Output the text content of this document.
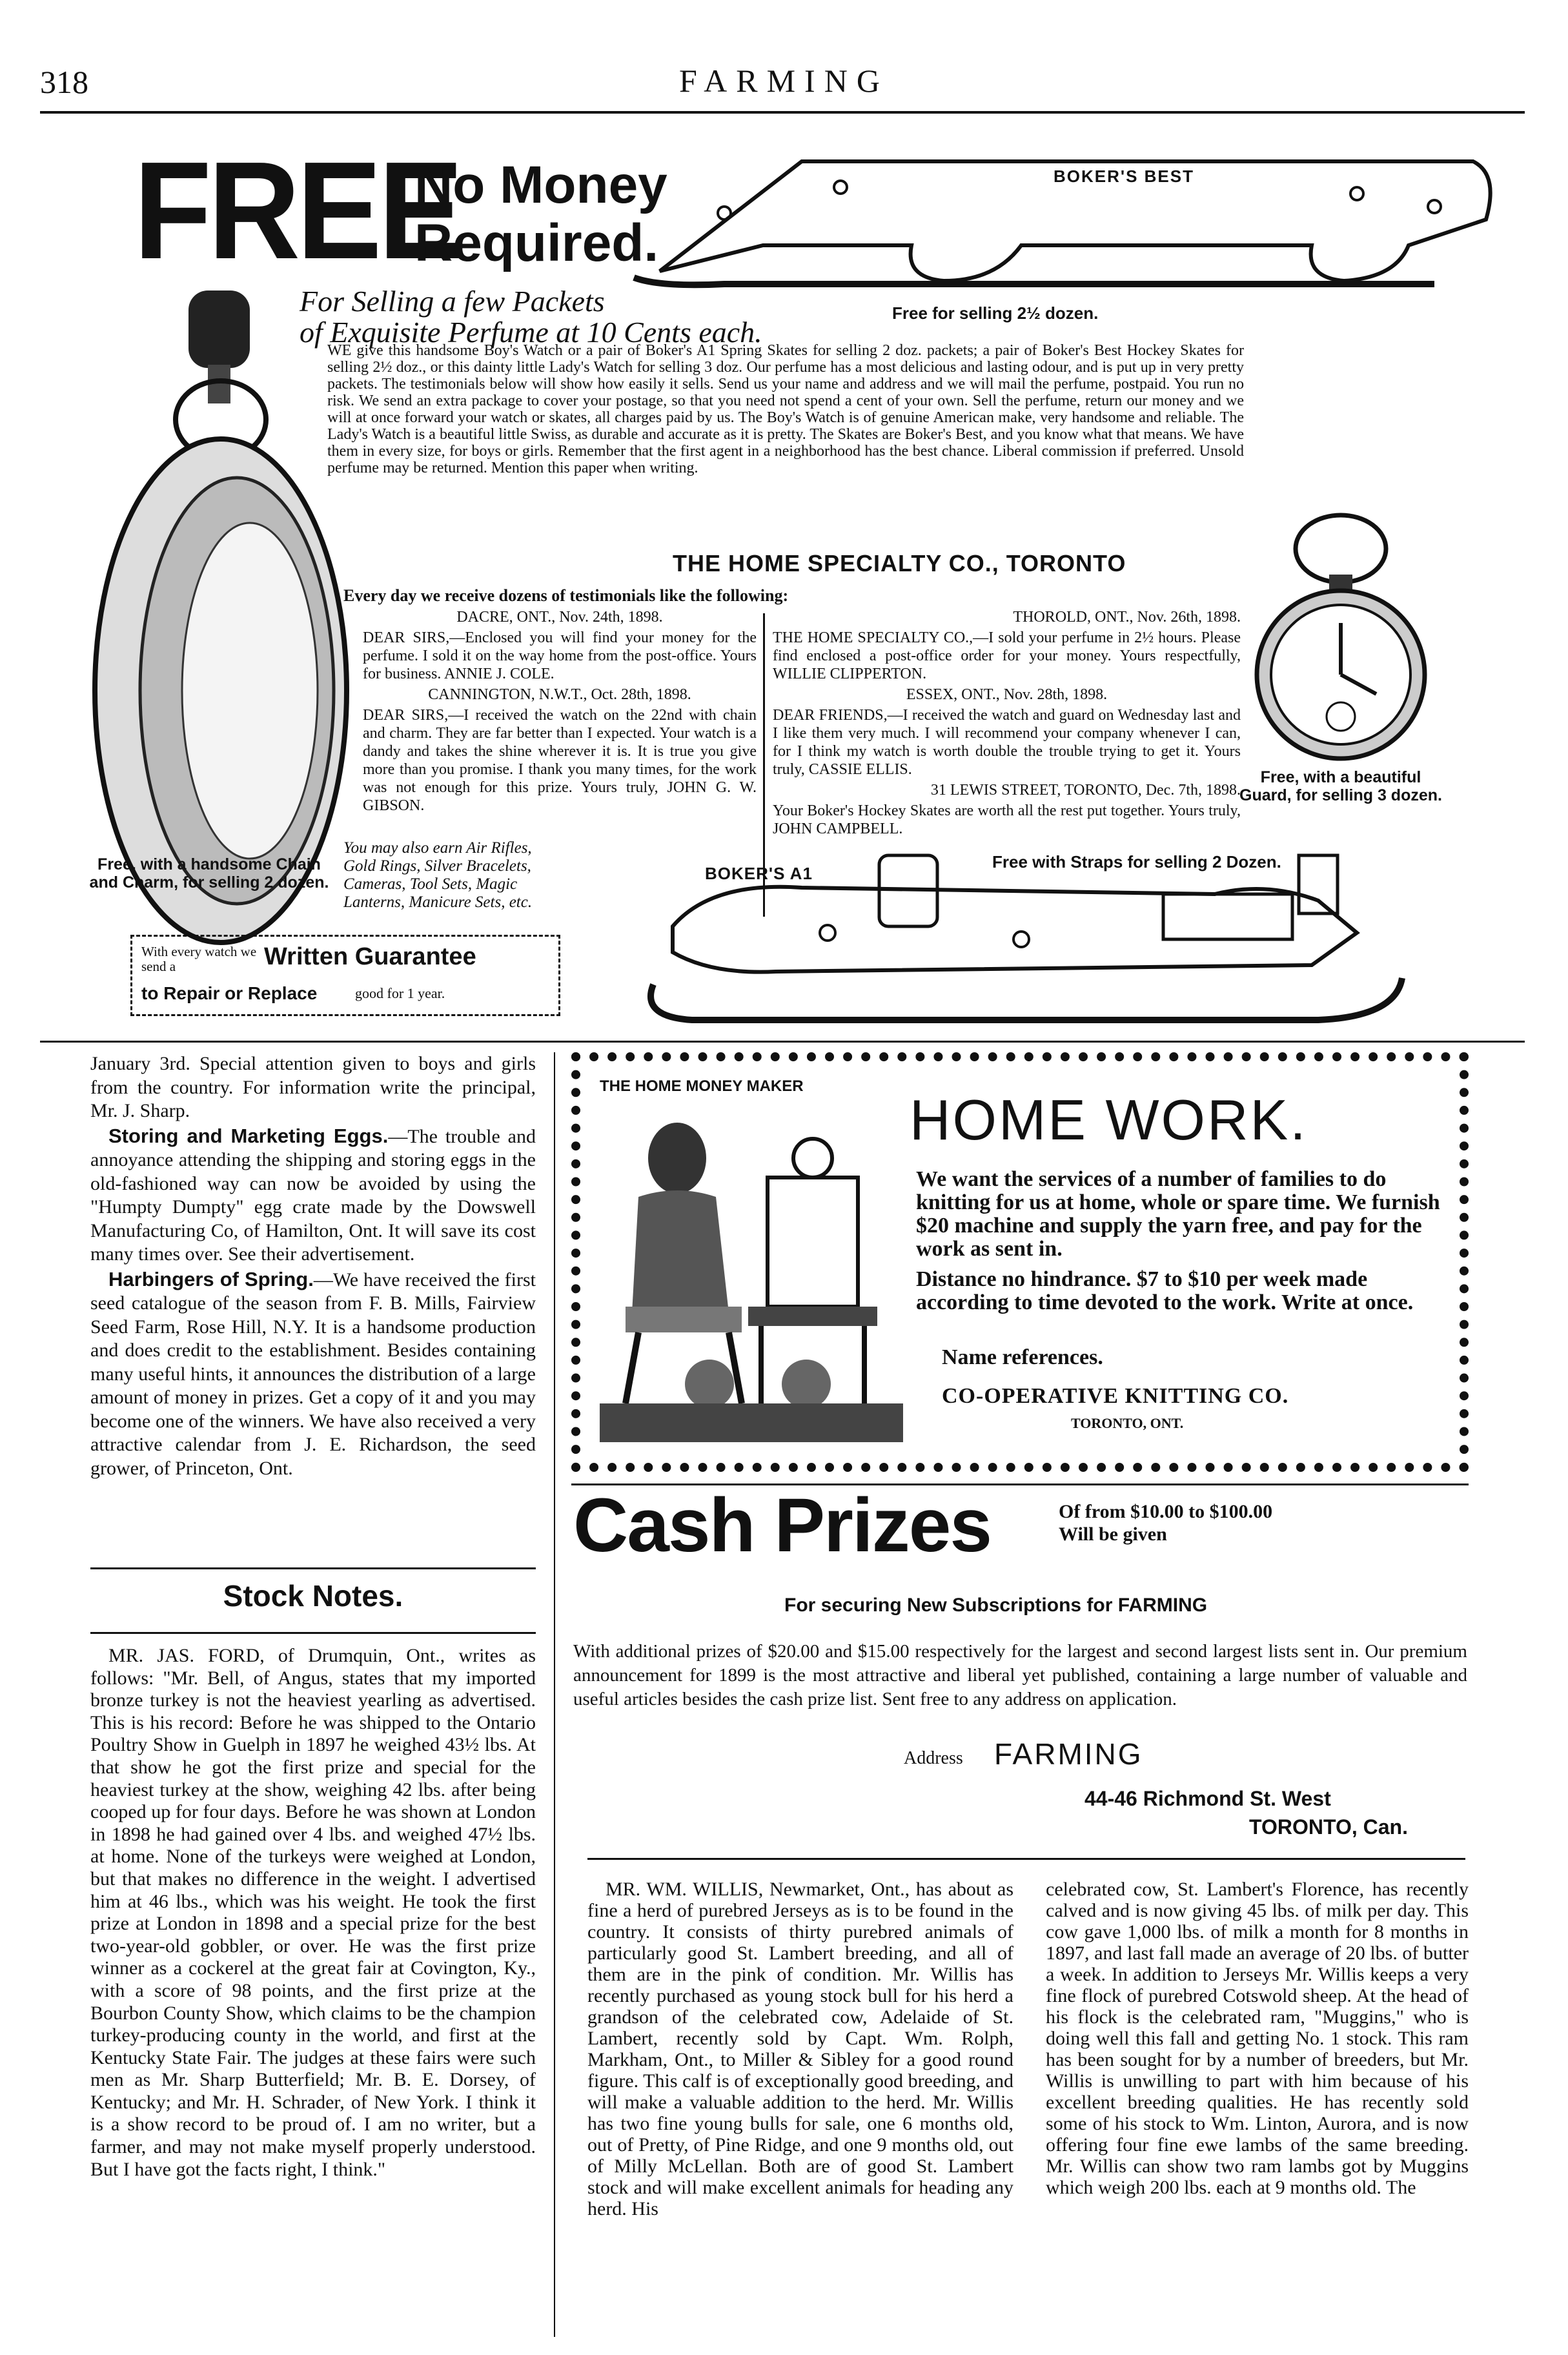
318	FARMING
FREE
No Money
Required.
For Selling a few Packets
of Exquisite Perfume at 10 Cents each.
BOKER'S BEST
Free for selling 2½ dozen.
Free, with a handsome Chain and Charm, for selling 2 dozen.
Free, with a beautiful Guard, for selling 3 dozen.
WE give this handsome Boy's Watch or a pair of Boker's A1 Spring Skates for selling 2 doz. packets; a pair of Boker's Best Hockey Skates for selling 2½ doz., or this dainty little Lady's Watch for selling 3 doz. Our perfume has a most delicious and lasting odour, and is put up in very pretty packets. The testimonials below will show how easily it sells. Send us your name and address and we will mail the perfume, postpaid. You run no risk. We send an extra package to cover your postage, so that you need not spend a cent of your own. Sell the perfume, return our money and we will at once forward your watch or skates, all charges paid by us. The Boy's Watch is of genuine American make, very handsome and reliable. The Lady's Watch is a beautiful little Swiss, as durable and accurate as it is pretty. The Skates are Boker's Best, and you know what that means. We have them in every size, for boys or girls. Remember that the first agent in a neighborhood has the best chance. Liberal commission if preferred. Unsold perfume may be returned. Mention this paper when writing.
THE HOME SPECIALTY CO., TORONTO
Every day we receive dozens of testimonials like the following:

DACRE, ONT., Nov. 24th, 1898.

DEAR SIRS,—Enclosed you will find your money for the perfume. I sold it on the way home from the post-office. Yours for business. ANNIE J. COLE.

CANNINGTON, N.W.T., Oct. 28th, 1898.

DEAR SIRS,—I received the watch on the 22nd with chain and charm. They are far better than I expected. Your watch is a dandy and takes the shine wherever it is. It is true you give more than you promise. I thank you many times, for the work was not enough for this prize. Yours truly, JOHN G. W. GIBSON.

THOROLD, ONT., Nov. 26th, 1898.

THE HOME SPECIALTY CO.,—I sold your perfume in 2½ hours. Please find enclosed a post-office order for your money. Yours respectfully, WILLIE CLIPPERTON.

ESSEX, ONT., Nov. 28th, 1898.

DEAR FRIENDS,—I received the watch and guard on Wednesday last and I like them very much. I will recommend your company whenever I can, for I think my watch is worth double the trouble trying to get it. Yours truly, CASSIE ELLIS.

31 LEWIS STREET, TORONTO, Dec. 7th, 1898.

Your Boker's Hockey Skates are worth all the rest put together. Yours truly, JOHN CAMPBELL.

You may also earn Air Rifles, Gold Rings, Silver Bracelets, Cameras, Tool Sets, Magic Lanterns, Manicure Sets, etc.
BOKER'S A1
Free with Straps for selling 2 Dozen.
With every watch we send a	Written Guarantee
to Repair or Replace	good for 1 year.

January 3rd. Special attention given to boys and girls from the country. For information write the principal, Mr. J. Sharp.

Storing and Marketing Eggs.—The trouble and annoyance attending the shipping and storing eggs in the old-fashioned way can now be avoided by using the "Humpty Dumpty" egg crate made by the Dowswell Manufacturing Co, of Hamilton, Ont. It will save its cost many times over. See their advertisement.

Harbingers of Spring.—We have received the first seed catalogue of the season from F. B. Mills, Fairview Seed Farm, Rose Hill, N.Y. It is a handsome production and does credit to the establishment. Besides containing many useful hints, it announces the distribution of a large amount of money in prizes. Get a copy of it and you may become one of the winners. We have also received a very attractive calendar from J. E. Richardson, the seed grower, of Princeton, Ont.

Stock Notes.

MR. JAS. FORD, of Drumquin, Ont., writes as follows: "Mr. Bell, of Angus, states that my imported bronze turkey is not the heaviest yearling as advertised. This is his record: Before he was shipped to the Ontario Poultry Show in Guelph in 1897 he weighed 43½ lbs. At that show he got the first prize and special for the heaviest turkey at the show, weighing 42 lbs. after being cooped up for four days. Before he was shown at London in 1898 he had gained over 4 lbs. and weighed 47½ lbs. at home. None of the turkeys were weighed at London, but that makes no difference in the weight. I advertised him at 46 lbs., which was his weight. He took the first prize at London in 1898 and a special prize for the best two-year-old gobbler, or over. He was the first prize winner as a cockerel at the great fair at Covington, Ky., with a score of 98 points, and the first prize at the Bourbon County Show, which claims to be the champion turkey-producing county in the world, and first at the Kentucky State Fair. The judges at these fairs were such men as Mr. Sharp Butterfield; Mr. B. E. Dorsey, of Kentucky; and Mr. H. Schrader, of New York. I think it is a show record to be proud of. I am no writer, but a farmer, and may not make myself properly understood. But I have got the facts right, I think."

THE HOME MONEY MAKER
HOME WORK.
We want the services of a number of families to do knitting for us at home, whole or spare time. We furnish $20 machine and supply the yarn free, and pay for the work as sent in.
Distance no hindrance. $7 to $10 per week made according to time devoted to the work. Write at once.
Name references.
CO-OPERATIVE KNITTING CO.
TORONTO, ONT.
Cash Prizes	Of from $10.00 to $100.00
Will be given
For securing New Subscriptions for FARMING
With additional prizes of $20.00 and $15.00 respectively for the largest and second largest lists sent in. Our premium announcement for 1899 is the most attractive and liberal yet published, containing a large number of valuable and useful articles besides the cash prize list. Sent free to any address on application.
Address FARMING
44-46 Richmond St. West
TORONTO, Can.

MR. WM. WILLIS, Newmarket, Ont., has about as fine a herd of purebred Jerseys as is to be found in the country. It consists of thirty purebred animals of particularly good St. Lambert breeding, and all of them are in the pink of condition. Mr. Willis has recently purchased as young stock bull for his herd a grandson of the celebrated cow, Adelaide of St. Lambert, recently sold by Capt. Wm. Rolph, Markham, Ont., to Miller & Sibley for a good round figure. This calf is of exceptionally good breeding, and will make a valuable addition to the herd. Mr. Willis has two fine young bulls for sale, one 6 months old, out of Pretty, of Pine Ridge, and one 9 months old, out of Milly McLellan. Both are of good St. Lambert stock and will make excellent animals for heading any herd. His

celebrated cow, St. Lambert's Florence, has recently calved and is now giving 45 lbs. of milk per day. This cow gave 1,000 lbs. of milk a month for 8 months in 1897, and last fall made an average of 20 lbs. of butter a week. In addition to Jerseys Mr. Willis keeps a very fine flock of purebred Cotswold sheep. At the head of his flock is the celebrated ram, "Muggins," who is doing well this fall and getting No. 1 stock. This ram has been sought for by a number of breeders, but Mr. Willis is unwilling to part with him because of his excellent breeding qualities. He has recently sold some of his stock to Wm. Linton, Aurora, and is now offering four fine ewe lambs of the same breeding. Mr. Willis can show two ram lambs got by Muggins which weigh 200 lbs. each at 9 months old. The
